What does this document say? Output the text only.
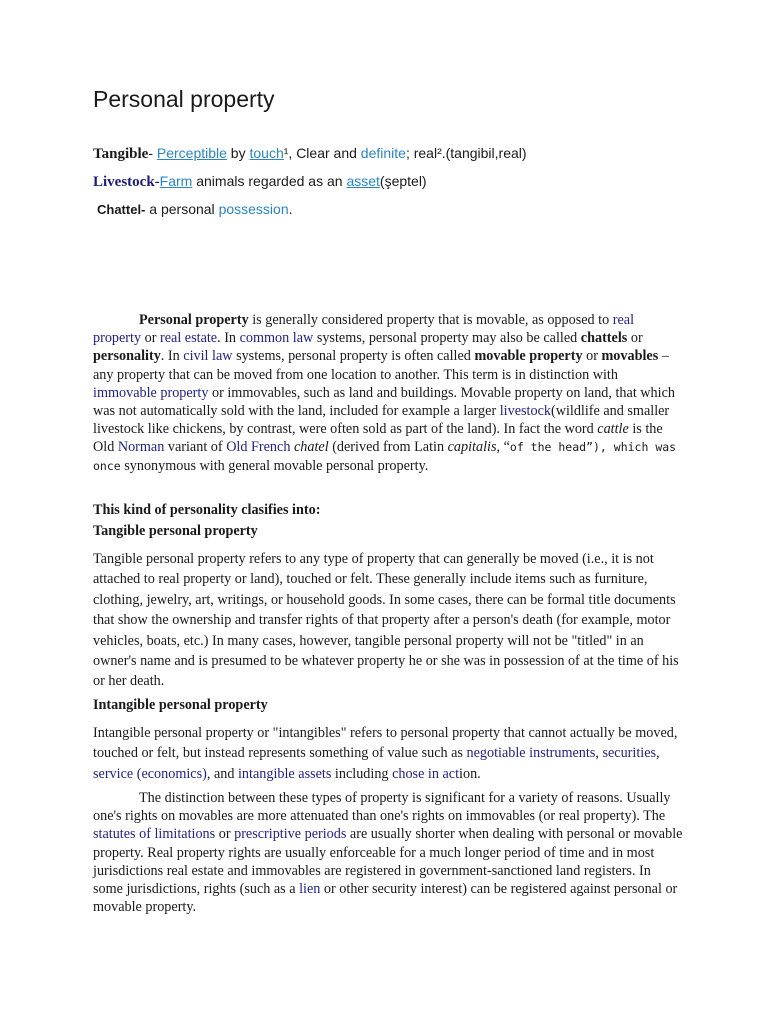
Personal property

Tangible- Perceptible by touch¹, Clear and definite; real².(tangibil,real)

Livestock-Farm animals regarded as an asset(şeptel)

Chattel- a personal possession.

Personal property is generally considered property that is movable, as opposed to real property or real estate. In common law systems, personal property may also be called chattels or personality. In civil law systems, personal property is often called movable property or movables – any property that can be moved from one location to another. This term is in distinction with immovable property or immovables, such as land and buildings. Movable property on land, that which was not automatically sold with the land, included for example a larger livestock(wildlife and smaller livestock like chickens, by contrast, were often sold as part of the land). In fact the word cattle is the Old Norman variant of Old French chatel (derived from Latin capitalis, “of the head”), which was once synonymous with general movable personal property.

This kind of personality clasifies into:

Tangible personal property

Tangible personal property refers to any type of property that can generally be moved (i.e., it is not attached to real property or land), touched or felt. These generally include items such as furniture, clothing, jewelry, art, writings, or household goods. In some cases, there can be formal title documents that show the ownership and transfer rights of that property after a person's death (for example, motor vehicles, boats, etc.) In many cases, however, tangible personal property will not be "titled" in an owner's name and is presumed to be whatever property he or she was in possession of at the time of his or her death.

Intangible personal property

Intangible personal property or "intangibles" refers to personal property that cannot actually be moved, touched or felt, but instead represents something of value such as negotiable instruments, securities, service (economics), and intangible assets including chose in action.

The distinction between these types of property is significant for a variety of reasons. Usually one's rights on movables are more attenuated than one's rights on immovables (or real property). The statutes of limitations or prescriptive periods are usually shorter when dealing with personal or movable property. Real property rights are usually enforceable for a much longer period of time and in most jurisdictions real estate and immovables are registered in government-sanctioned land registers. In some jurisdictions, rights (such as a lien or other security interest) can be registered against personal or movable property.
